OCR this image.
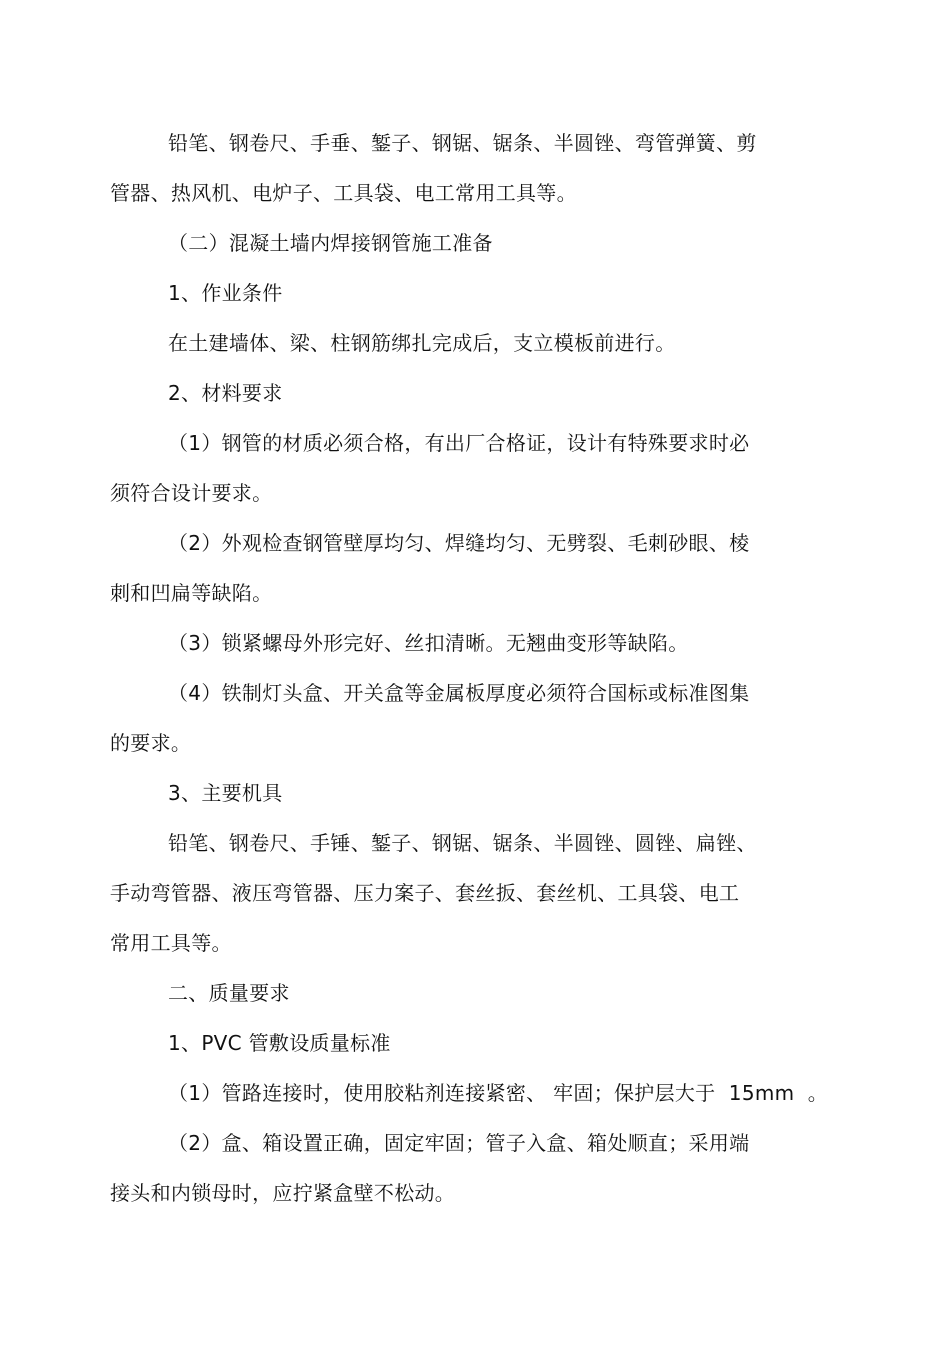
铅笔、钢卷尺、手垂、錾子、钢锯、锯条、半圆锉、弯管弹簧、剪
管器、热风机、电炉子、工具袋、电工常用工具等。
（二）混凝土墙内焊接钢管施工准备
1、作业条件
在土建墙体、梁、柱钢筋绑扎完成后，支立模板前进行。
2、材料要求
（1）钢管的材质必须合格，有出厂合格证，设计有特殊要求时必
须符合设计要求。
（2）外观检查钢管壁厚均匀、焊缝均匀、无劈裂、毛刺砂眼、棱
刺和凹扁等缺陷。
（3）锁紧螺母外形完好、丝扣清晰。无翘曲变形等缺陷。
（4）铁制灯头盒、开关盒等金属板厚度必须符合国标或标准图集
的要求。
3、主要机具
铅笔、钢卷尺、手锤、錾子、钢锯、锯条、半圆锉、圆锉、扁锉、
手动弯管器、液压弯管器、压力案子、套丝扳、套丝机、工具袋、电工
常用工具等。
二、质量要求
1、PVC 管敷设质量标准
（1）管路连接时，使用胶粘剂连接紧密、 牢固；保护层大于  15mm  。
（2）盒、箱设置正确，固定牢固；管子入盒、箱处顺直；采用端
接头和内锁母时，应拧紧盒壁不松动。
